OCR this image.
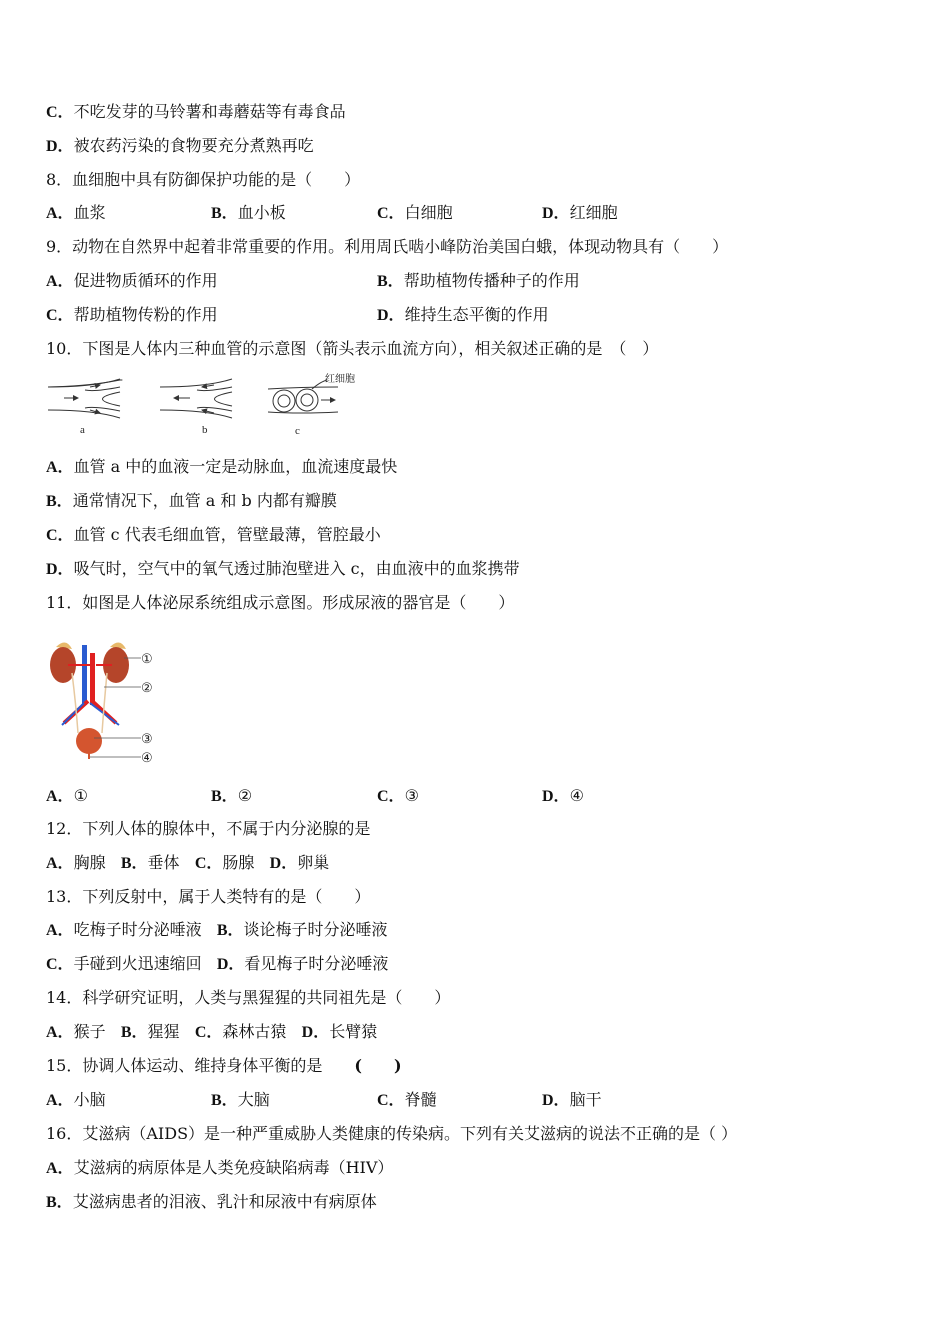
C．不吃发芽的马铃薯和毒蘑菇等有毒食品
D．被农药污染的食物要充分煮熟再吃
8．血细胞中具有防御保护功能的是（　　）
A．血浆	B．血小板	C．白细胞	D．红细胞
9．动物在自然界中起着非常重要的作用。利用周氏啮小峰防治美国白蛾，体现动物具有（　　）
A．促进物质循环的作用	B．帮助植物传播种子的作用
C．帮助植物传粉的作用	D．维持生态平衡的作用
10．下图是人体内三种血管的示意图（箭头表示血流方向），相关叙述正确的是　（　）
红细胞
a	b	c
A．血管 a 中的血液一定是动脉血，血流速度最快
B．通常情况下，血管 a 和 b 内都有瓣膜
C．血管 c 代表毛细血管，管壁最薄，管腔最小
D．吸气时，空气中的氧气透过肺泡壁进入 c，由血液中的血浆携带
11．如图是人体泌尿系统组成示意图。形成尿液的器官是（　　）
①
②
③
④
A．①	B．②	C．③	D．④
12．下列人体的腺体中，不属于内分泌腺的是
A．胸腺 B．垂体 C．肠腺 D．卵巢
13．下列反射中，属于人类特有的是（　　）
A．吃梅子时分泌唾液 B．谈论梅子时分泌唾液
C．手碰到火迅速缩回 D．看见梅子时分泌唾液
14．科学研究证明，人类与黑猩猩的共同祖先是（　　）
A．猴子 B．猩猩 C．森林古猿 D．长臂猿
15．协调人体运动、维持身体平衡的是 (　　)
A．小脑	B．大脑	C．脊髓	D．脑干
16．艾滋病（AIDS）是一种严重威胁人类健康的传染病。下列有关艾滋病的说法不正确的是（ ）
A．艾滋病的病原体是人类免疫缺陷病毒（HIV）
B．艾滋病患者的泪液、乳汁和尿液中有病原体
